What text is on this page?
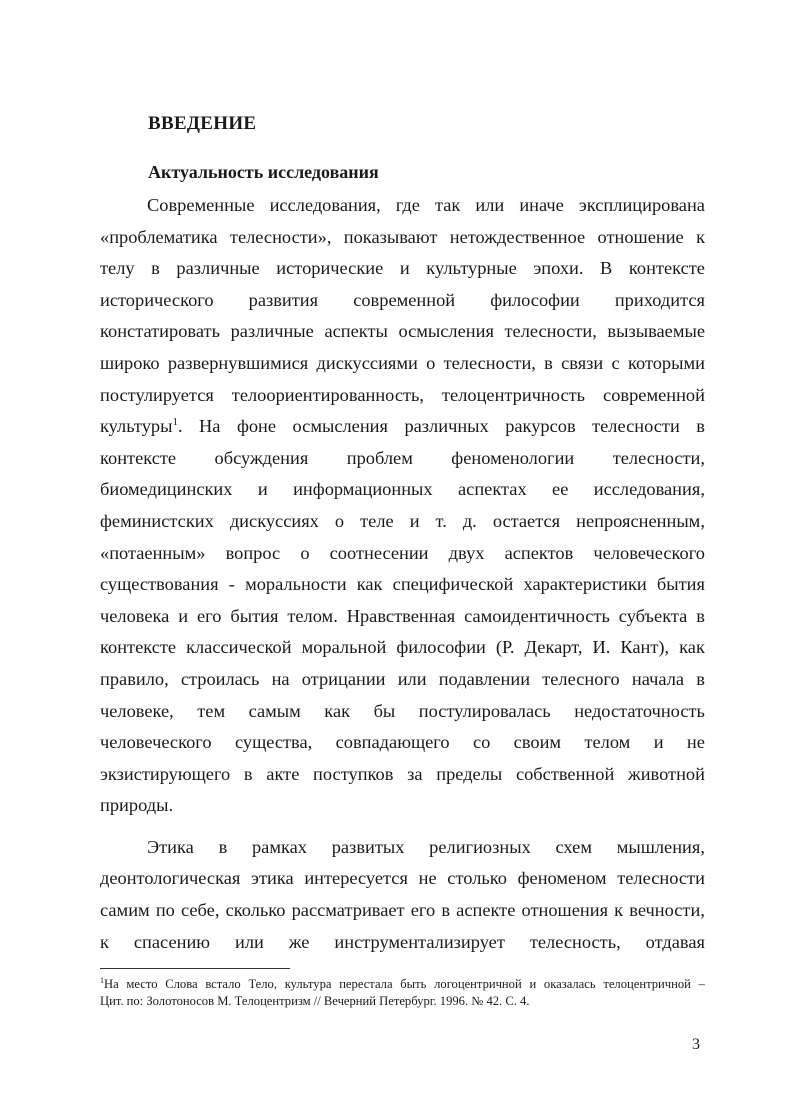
ВВЕДЕНИЕ
Актуальность исследования
Современные исследования, где так или иначе эксплицирована
«проблематика телесности», показывают нетождественное отношение к
телу в различные исторические и культурные эпохи. В контексте
исторического развития современной философии приходится
констатировать различные аспекты осмысления телесности, вызываемые
широко развернувшимися дискуссиями о телесности, в связи с которыми
постулируется телоориентированность, телоцентричность современной
культуры$^1$. На фоне осмысления различных ракурсов телесности в
контексте обсуждения проблем феноменологии телесности,
биомедицинских и информационных аспектах ее исследования,
феминистских дискуссиях о теле и т. д. остается непроясненным,
«потаенным» вопрос о соотнесении двух аспектов человеческого
существования - моральности как специфической характеристики бытия
человека и его бытия телом. Нравственная самоидентичность субъекта в
контексте классической моральной философии (Р. Декарт, И. Кант), как
правило, строилась на отрицании или подавлении телесного начала в
человеке, тем самым как бы постулировалась недостаточность
человеческого существа, совпадающего со своим телом и не
экзистирующего в акте поступков за пределы собственной животной
природы.
Этика в рамках развитых религиозных схем мышления,
деонтологическая этика интересуется не столько феноменом телесности
самим по себе, сколько рассматривает его в аспекте отношения к вечности,
к спасению или же инструментализирует телесность, отдавая
$^1$На место Слова встало Тело, культура перестала быть логоцентричной и оказалась телоцентричной –
Цит. по: Золотоносов М. Телоцентризм // Вечерний Петербург. 1996. № 42. С. 4.
3
